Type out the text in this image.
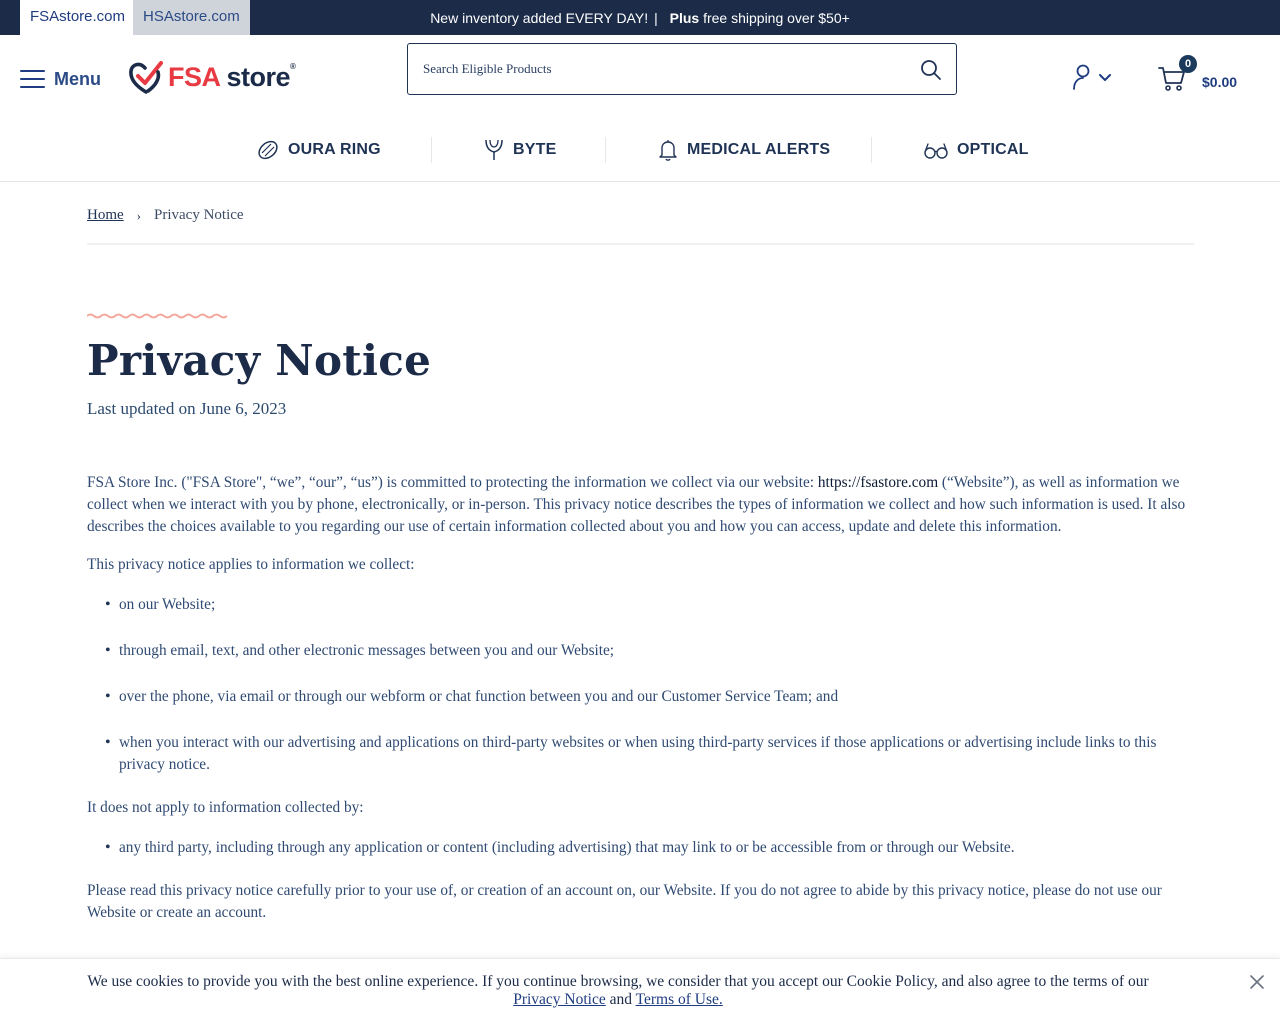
FSAstore.com	HSAstore.com	New inventory added EVERY DAY! | Plus free shipping over $50+
Menu FSA store®
Search Eligible Products	0
$0.00
OURA RING	BYTE	MEDICAL ALERTS	OPTICAL
Home › Privacy Notice
Privacy Notice
Last updated on June 6, 2023

FSA Store Inc. ("FSA Store", “we”, “our”, “us”) is committed to protecting the information we collect via our website: https://fsastore.com (“Website”), as well as information we collect when we interact with you by phone, electronically, or in-person. This privacy notice describes the types of information we collect and how such information is used. It also describes the choices available to you regarding our use of certain information collected about you and how you can access, update and delete this information.

This privacy notice applies to information we collect:

• on our Website;
• through email, text, and other electronic messages between you and our Website;
• over the phone, via email or through our webform or chat function between you and our Customer Service Team; and
• when you interact with our advertising and applications on third-party websites or when using third-party services if those applications or advertising include links to this privacy notice.

It does not apply to information collected by:

• any third party, including through any application or content (including advertising) that may link to or be accessible from or through our Website.

Please read this privacy notice carefully prior to your use of, or creation of an account on, our Website. If you do not agree to abide by this privacy notice, please do not use our Website or create an account.

We use cookies to provide you with the best online experience. If you continue browsing, we consider that you accept our Cookie Policy, and also agree to the terms of our
Privacy Notice and Terms of Use.
